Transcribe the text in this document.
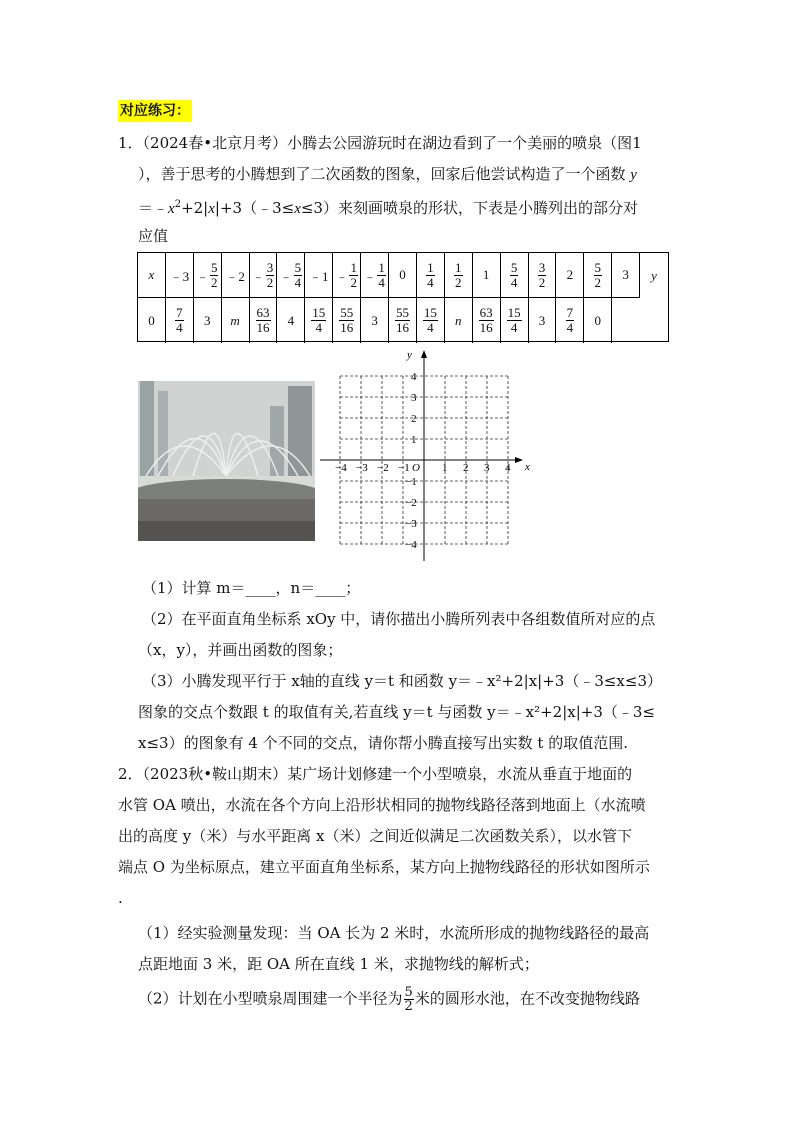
对应练习：
1．（2024春•北京月考）小腾去公园游玩时在湖边看到了一个美丽的喷泉（图1
），善于思考的小腾想到了二次函数的图象，回家后他尝试构造了一个函数 y
$=﹣x^2+2|x|+3(﹣3\le x\le 3)$来刻画喷泉的形状，下表是小腾列出的部分对
应值
x ﹣3 ﹣ $\frac{5}{2}$ ﹣2 ﹣ $\frac{3}{2}$ ﹣ $\frac{5}{4}$ ﹣1 ﹣ $\frac{1}{2}$ ﹣ $\frac{1}{4} 0 \frac{1}{4} \frac{1}{2} 1 \frac{5}{4} \frac{3}{2} 2 \frac{5}{2} 3$ y
$0 \frac{7}{4} 3$ m $\frac{63}{16} 4 \frac{15}{4} \frac{55}{16} 3 \frac{55}{16} \frac{15}{4}$ n $\frac{63}{16} \frac{15}{4} 3 \frac{7}{4} 0$
x
y
O
−4 −3 −2 −1	1 2 3 4
4
3
2
1
−1
−2
−3
−4
（1）计算 m＝____，n＝____；
（2）在平面直角坐标系 xOy 中，请你描出小腾所列表中各组数值所对应的点
（x，y），并画出函数的图象；
（3）小腾发现平行于 x轴的直线 y＝t 和函数 y＝﹣x²+2|x|+3（﹣3≤x≤3）
图象的交点个数跟 t 的取值有关,若直线 y＝t 与函数 y＝﹣x²+2|x|+3（﹣3≤
x≤3）的图象有 4 个不同的交点，请你帮小腾直接写出实数 t 的取值范围.
2．（2023秋•鞍山期末）某广场计划修建一个小型喷泉，水流从垂直于地面的
水管 OA 喷出，水流在各个方向上沿形状相同的抛物线路径落到地面上（水流喷
出的高度 y（米）与水平距离 x（米）之间近似满足二次函数关系），以水管下
端点 O 为坐标原点，建立平面直角坐标系，某方向上抛物线路径的形状如图所示
.
（1）经实验测量发现：当 OA 长为 2 米时，水流所形成的抛物线路径的最高
点距地面 3 米，距 OA 所在直线 1 米，求抛物线的解析式；
（2）计划在小型喷泉周围建一个半径为 $\frac{5}{2}$ 米的圆形水池，在不改变抛物线路
